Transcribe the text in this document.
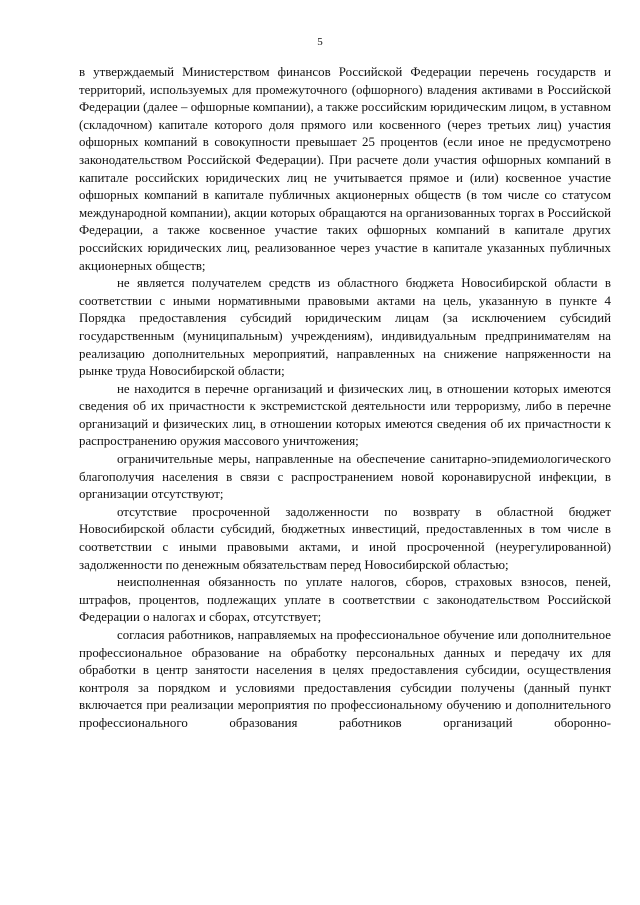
5

в утверждаемый Министерством финансов Российской Федерации перечень государств и территорий, используемых для промежуточного (офшорного) владения активами в Российской Федерации (далее – офшорные компании), а также российским юридическим лицом, в уставном (складочном) капитале которого доля прямого или косвенного (через третьих лиц) участия офшорных компаний в совокупности превышает 25 процентов (если иное не предусмотрено законодательством Российской Федерации). При расчете доли участия офшорных компаний в капитале российских юридических лиц не учитывается прямое и (или) косвенное участие офшорных компаний в капитале публичных акционерных обществ (в том числе со статусом международной компании), акции которых обращаются на организованных торгах в Российской Федерации, а также косвенное участие таких офшорных компаний в капитале других российских юридических лиц, реализованное через участие в капитале указанных публичных акционерных обществ;

не является получателем средств из областного бюджета Новосибирской области в соответствии с иными нормативными правовыми актами на цель, указанную в пункте 4 Порядка предоставления субсидий юридическим лицам (за исключением субсидий государственным (муниципальным) учреждениям), индивидуальным предпринимателям на реализацию дополнительных мероприятий, направленных на снижение напряженности на рынке труда Новосибирской области;

не находится в перечне организаций и физических лиц, в отношении которых имеются сведения об их причастности к экстремистской деятельности или терроризму, либо в перечне организаций и физических лиц, в отношении которых имеются сведения об их причастности к распространению оружия массового уничтожения;

ограничительные меры, направленные на обеспечение санитарно-эпидемиологического благополучия населения в связи с распространением новой коронавирусной инфекции, в организации отсутствуют;

отсутствие просроченной задолженности по возврату в областной бюджет Новосибирской области субсидий, бюджетных инвестиций, предоставленных в том числе в соответствии с иными правовыми актами, и иной просроченной (неурегулированной) задолженности по денежным обязательствам перед Новосибирской областью;

неисполненная обязанность по уплате налогов, сборов, страховых взносов, пеней, штрафов, процентов, подлежащих уплате в соответствии с законодательством Российской Федерации о налогах и сборах, отсутствует;

согласия работников, направляемых на профессиональное обучение или дополнительное профессиональное образование на обработку персональных данных и передачу их для обработки в центр занятости населения в целях предоставления субсидии, осуществления контроля за порядком и условиями предоставления субсидии получены (данный пункт включается при реализации мероприятия по профессиональному обучению и дополнительного профессионального образования работников организаций оборонно-
